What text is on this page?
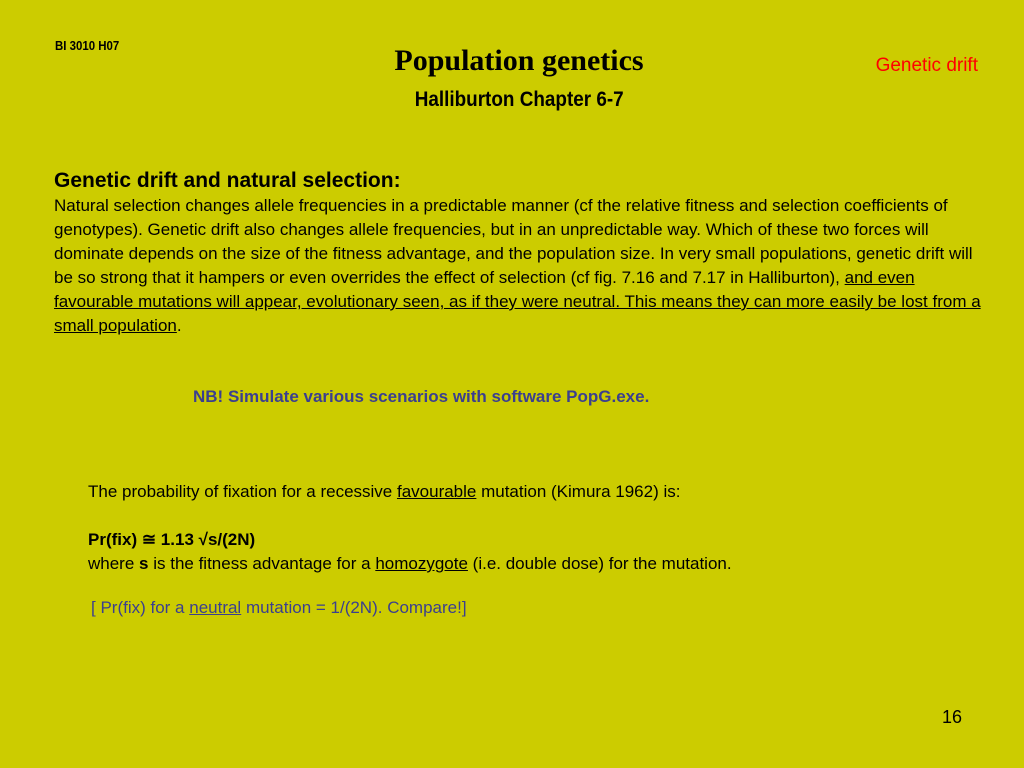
BI 3010 H07	Population genetics
Halliburton Chapter 6-7
Genetic drift
Genetic drift and natural selection:
Natural selection changes allele frequencies in a predictable manner (cf the relative fitness and selection coefficients of genotypes). Genetic drift also changes allele frequencies, but in an unpredictable way. Which of these two forces will dominate depends on the size of the fitness advantage, and the population size. In very small populations, genetic drift will be so strong that it hampers or even overrides the effect of selection (cf fig. 7.16 and 7.17 in Halliburton), and even favourable mutations will appear, evolutionary seen, as if they were neutral. This means they can more easily be lost from a small population.
NB! Simulate various scenarios with software PopG.exe.
The probability of fixation for a recessive favourable mutation (Kimura 1962) is:
Pr(fix) ≅ 1.13 √s/(2N)
where s is the fitness advantage for a homozygote (i.e. double dose) for the mutation.
[ Pr(fix) for a neutral mutation = 1/(2N). Compare!]
16
